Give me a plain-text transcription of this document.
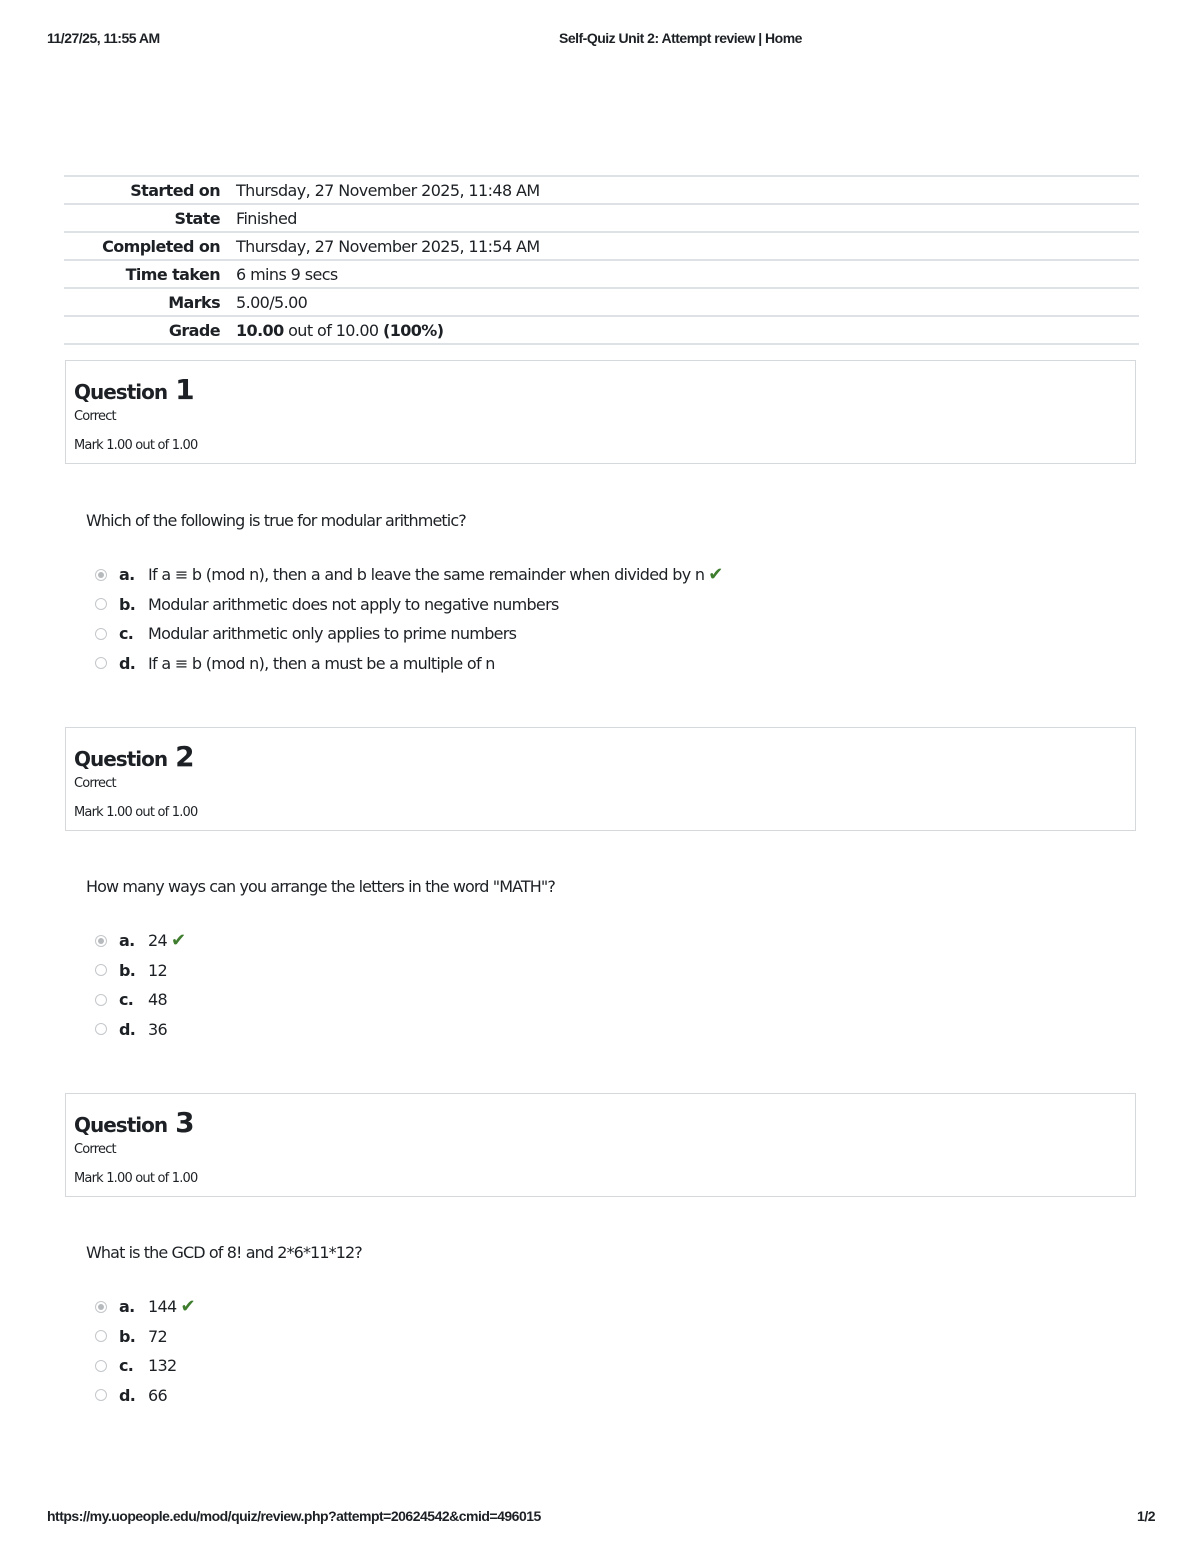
11/27/25, 11:55 AM	Self-Quiz Unit 2: Attempt review | Home
Started on	Thursday, 27 November 2025, 11:48 AM
State	Finished
Completed on	Thursday, 27 November 2025, 11:54 AM
Time taken	6 mins 9 secs
Marks	5.00/5.00
Grade	10.00 out of 10.00 (100%)
Question 1
Correct
Mark 1.00 out of 1.00
Which of the following is true for modular arithmetic?
a. If a ≡ b (mod n), then a and b leave the same remainder when divided by n ✔
b. Modular arithmetic does not apply to negative numbers
c. Modular arithmetic only applies to prime numbers
d. If a ≡ b (mod n), then a must be a multiple of n
Question 2
Correct
Mark 1.00 out of 1.00
How many ways can you arrange the letters in the word "MATH"?
a. 24 ✔
b. 12
c. 48
d. 36
Question 3
Correct
Mark 1.00 out of 1.00
What is the GCD of 8! and 2*6*11*12?
a. 144 ✔
b. 72
c. 132
d. 66
https://my.uopeople.edu/mod/quiz/review.php?attempt=20624542&cmid=496015	1/2
